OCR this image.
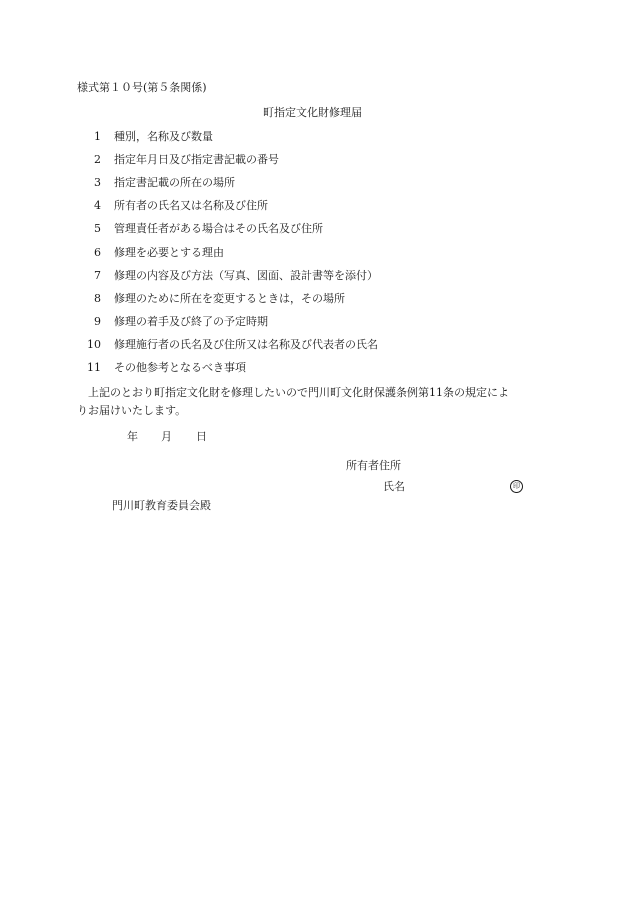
様式第１０号(第５条関係)
町指定文化財修理届
1 種別，名称及び数量
2 指定年月日及び指定書記載の番号
3 指定書記載の所在の場所
4 所有者の氏名又は名称及び住所
5 管理責任者がある場合はその氏名及び住所
6 修理を必要とする理由
7 修理の内容及び方法（写真、図面、設計書等を添付）
8 修理のために所在を変更するときは，その場所
9 修理の着手及び終了の予定時期
10 修理施行者の氏名及び住所又は名称及び代表者の氏名
11 その他参考となるべき事項
上記のとおり町指定文化財を修理したいので門川町文化財保護条例第11条の規定によ
りお届けいたします。
年 月 日
所有者住所
氏名	印
門川町教育委員会殿
